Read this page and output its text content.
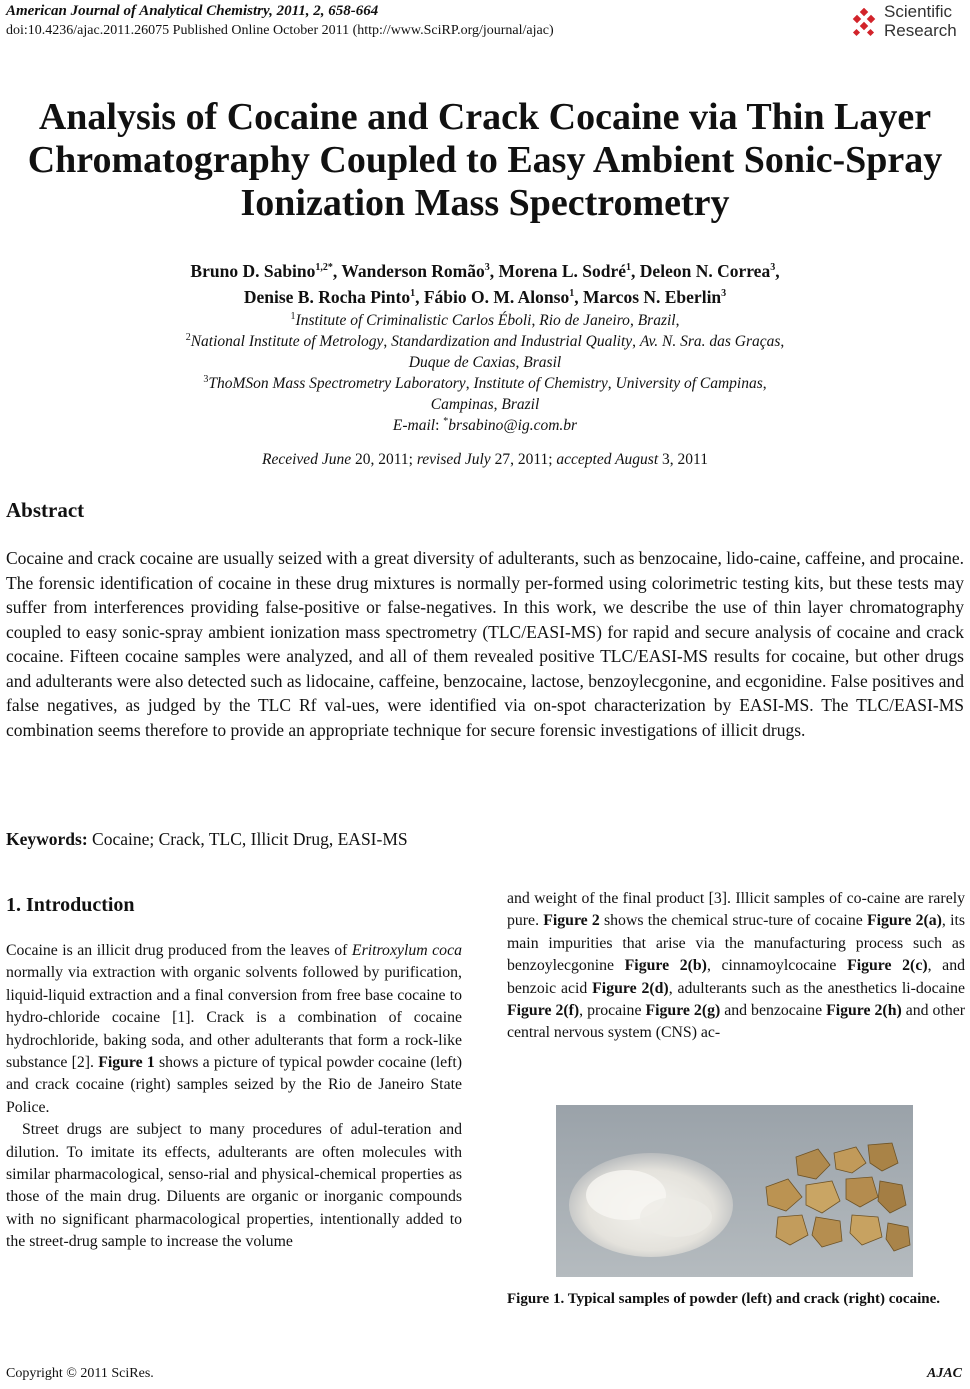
American Journal of Analytical Chemistry, 2011, 2, 658-664
doi:10.4236/ajac.2011.26075 Published Online October 2011 (http://www.SciRP.org/journal/ajac)
Scientific
Research
Analysis of Cocaine and Crack Cocaine via Thin Layer Chromatography Coupled to Easy Ambient Sonic-Spray Ionization Mass Spectrometry
Bruno D. Sabino$^{1,2*}$, Wanderson Romão$^3$, Morena L. Sodré$^1$, Deleon N. Correa$^3$,
Denise B. Rocha Pinto$^1$, Fábio O. M. Alonso$^1$, Marcos N. Eberlin$^3$
$^1$Institute of Criminalistic Carlos Éboli, Rio de Janeiro, Brazil,
$^2$National Institute of Metrology, Standardization and Industrial Quality, Av. N. Sra. das Graças,
Duque de Caxias, Brasil
$^3$ThoMSon Mass Spectrometry Laboratory, Institute of Chemistry, University of Campinas,
Campinas, Brazil
E-mail: *brsabino@ig.com.br
Received June 20, 2011; revised July 27, 2011; accepted August 3, 2011
Abstract
Cocaine and crack cocaine are usually seized with a great diversity of adulterants, such as benzocaine, lido-caine, caffeine, and procaine. The forensic identification of cocaine in these drug mixtures is normally per-formed using colorimetric testing kits, but these tests may suffer from interferences providing false-positive or false-negatives. In this work, we describe the use of thin layer chromatography coupled to easy sonic-spray ambient ionization mass spectrometry (TLC/EASI-MS) for rapid and secure analysis of cocaine and crack cocaine. Fifteen cocaine samples were analyzed, and all of them revealed positive TLC/EASI-MS results for cocaine, but other drugs and adulterants were also detected such as lidocaine, caffeine, benzocaine, lactose, benzoylecgonine, and ecgonidine. False positives and false negatives, as judged by the TLC Rf val-ues, were identified via on-spot characterization by EASI-MS. The TLC/EASI-MS combination seems therefore to provide an appropriate technique for secure forensic investigations of illicit drugs.
Keywords: Cocaine; Crack, TLC, Illicit Drug, EASI-MS
1. Introduction

Cocaine is an illicit drug produced from the leaves of Eritroxylum coca normally via extraction with organic solvents followed by purification, liquid-liquid extraction and a final conversion from free base cocaine to hydro-chloride cocaine [1]. Crack is a combination of cocaine hydrochloride, baking soda, and other adulterants that form a rock-like substance [2]. Figure 1 shows a picture of typical powder cocaine (left) and crack cocaine (right) samples seized by the Rio de Janeiro State Police.

Street drugs are subject to many procedures of adul-teration and dilution. To imitate its effects, adulterants are often molecules with similar pharmacological, senso-rial and physical-chemical properties as those of the main drug. Diluents are organic or inorganic compounds with no significant pharmacological properties, intentionally added to the street-drug sample to increase the volume

and weight of the final product [3]. Illicit samples of co-caine are rarely pure. Figure 2 shows the chemical struc-ture of cocaine Figure 2(a), its main impurities that arise via the manufacturing process such as benzoylecgonine Figure 2(b), cinnamoylcocaine Figure 2(c), and benzoic acid Figure 2(d), adulterants such as the anesthetics li-docaine Figure 2(f), procaine Figure 2(g) and benzocaine Figure 2(h) and other central nervous system (CNS) ac-
Figure 1. Typical samples of powder (left) and crack (right) cocaine.
Copyright © 2011 SciRes.	AJAC
